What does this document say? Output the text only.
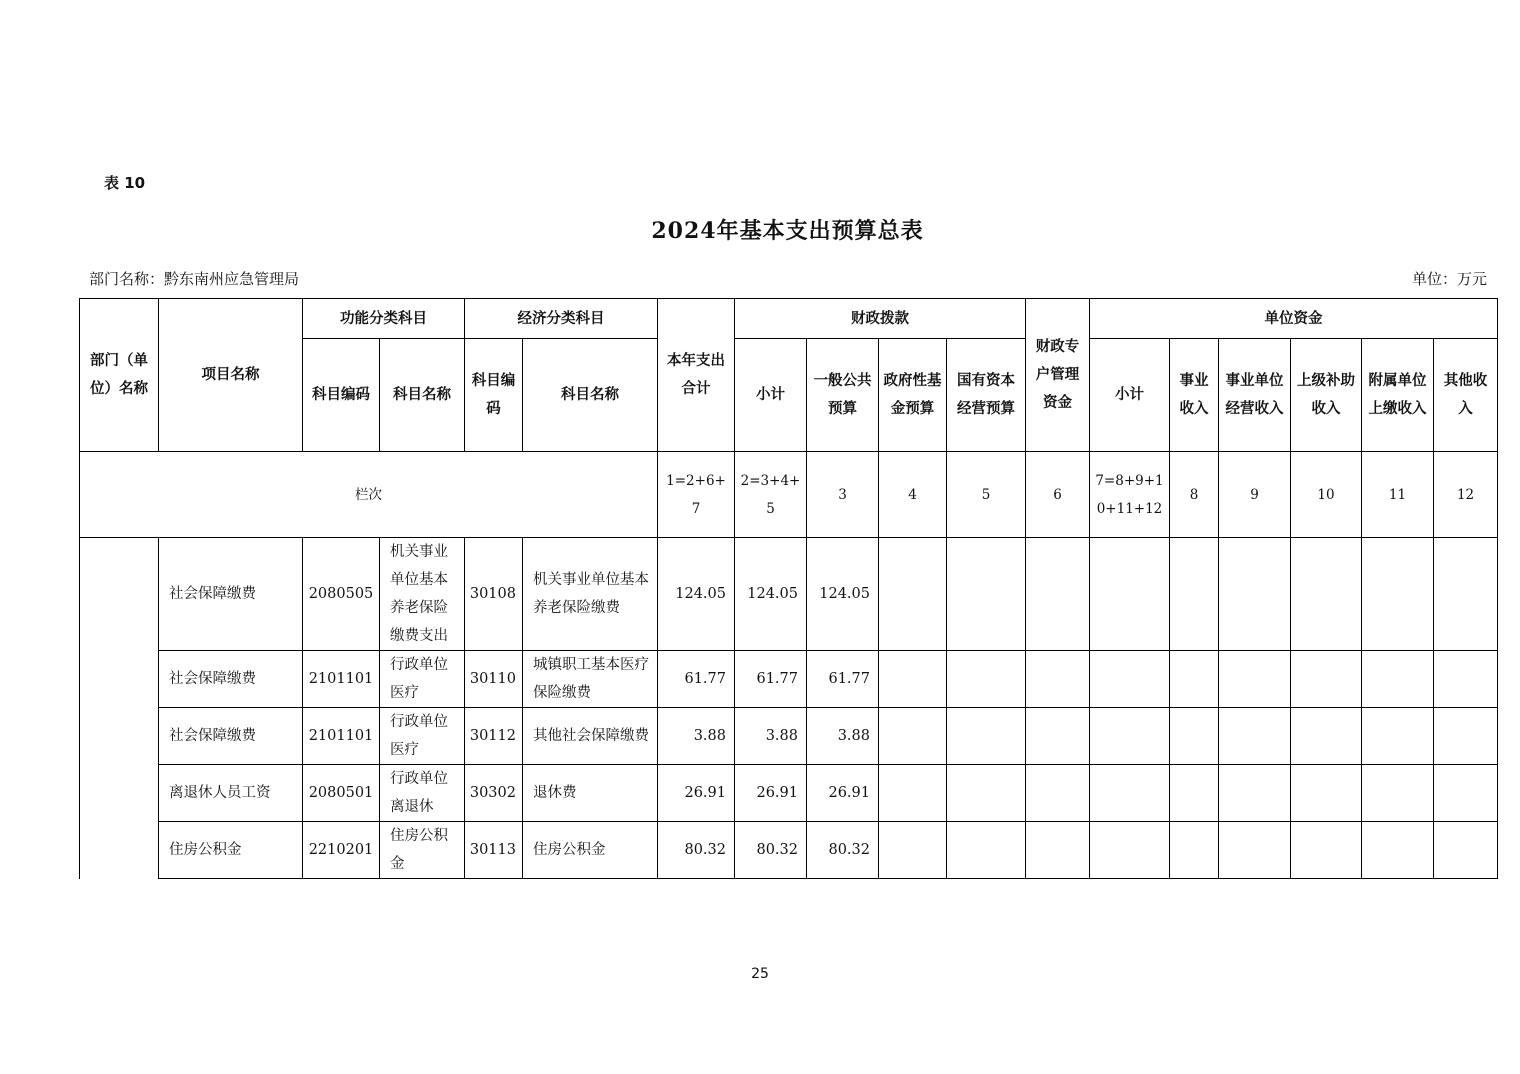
表 10
2024年基本支出预算总表
部门名称：黔东南州应急管理局	单位：万元
部门（单位）名称	项目名称	功能分类科目		经济分类科目		本年支出合计	财政拨款				财政专户管理资金	单位资金					
		科目编码	科目名称	科目编码	科目名称		小计	一般公共预算	政府性基金预算	国有资本经营预算		小计	事业收入	事业单位经营收入	上级补助收入	附属单位上缴收入	其他收入
栏次						1=2+6+7	2=3+4+5	3	4	5	6	7=8+9+10+11+12	8	9	10	11	12
	社会保障缴费	2080505	机关事业单位基本养老保险缴费支出	30108	机关事业单位基本养老保险缴费	124.05	124.05	124.05									
	社会保障缴费	2101101	行政单位医疗	30110	城镇职工基本医疗保险缴费	61.77	61.77	61.77									
	社会保障缴费	2101101	行政单位医疗	30112	其他社会保障缴费	3.88	3.88	3.88									
	离退休人员工资	2080501	行政单位离退休	30302	退休费	26.91	26.91	26.91									
	住房公积金	2210201	住房公积金	30113	住房公积金	80.32	80.32	80.32									
25
